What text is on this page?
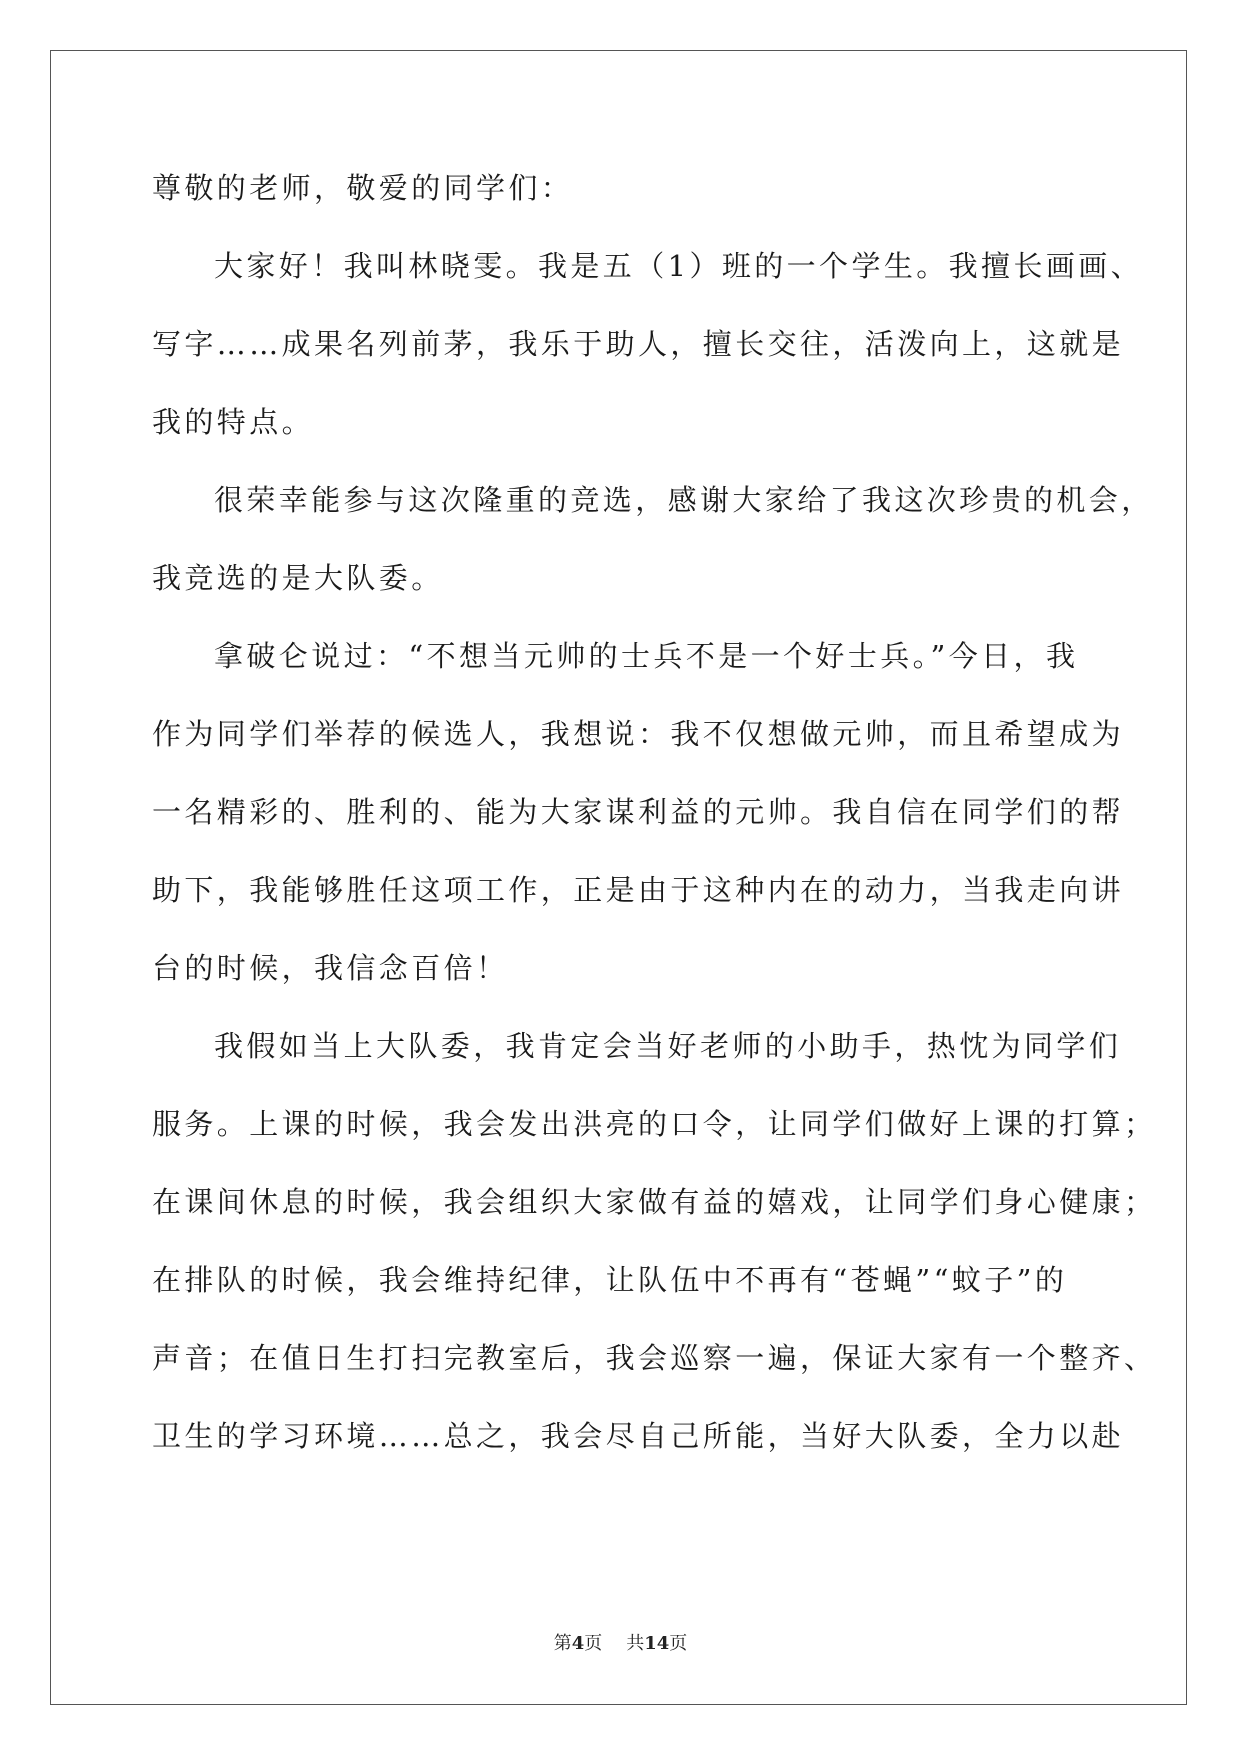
尊敬的老师，敬爱的同学们：
大家好！我叫林晓雯。我是五（1）班的一个学生。我擅长画画、
写字……成果名列前茅，我乐于助人，擅长交往，活泼向上，这就是
我的特点。
很荣幸能参与这次隆重的竞选，感谢大家给了我这次珍贵的机会，
我竞选的是大队委。
拿破仑说过：“不想当元帅的士兵不是一个好士兵。”今日，我
作为同学们举荐的候选人，我想说：我不仅想做元帅，而且希望成为
一名精彩的、胜利的、能为大家谋利益的元帅。我自信在同学们的帮
助下，我能够胜任这项工作，正是由于这种内在的动力，当我走向讲
台的时候，我信念百倍！
我假如当上大队委，我肯定会当好老师的小助手，热忱为同学们
服务。上课的时候，我会发出洪亮的口令，让同学们做好上课的打算；
在课间休息的时候，我会组织大家做有益的嬉戏，让同学们身心健康；
在排队的时候，我会维持纪律，让队伍中不再有“苍蝇”“蚊子”的
声音；在值日生打扫完教室后，我会巡察一遍，保证大家有一个整齐、
卫生的学习环境……总之，我会尽自己所能，当好大队委，全力以赴
第4页 共14页
